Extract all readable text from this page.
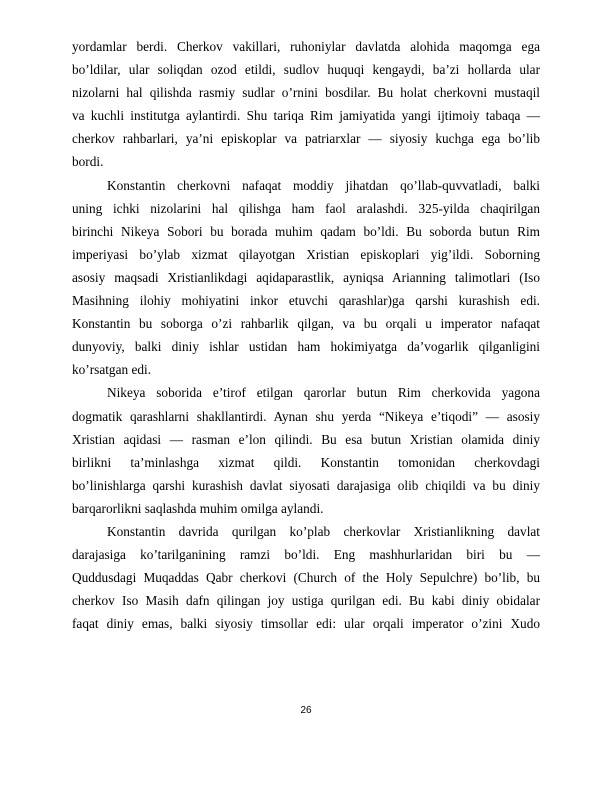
yordamlar berdi. Cherkov vakillari, ruhoniylar davlatda alohida maqomga ega
bo’ldilar, ular soliqdan ozod etildi, sudlov huquqi kengaydi, ba’zi hollarda ular
nizolarni hal qilishda rasmiy sudlar o’rnini bosdilar. Bu holat cherkovni mustaqil
va kuchli institutga aylantirdi. Shu tariqa Rim jamiyatida yangi ijtimoiy tabaqa —
cherkov rahbarlari, ya’ni episkoplar va patriarxlar — siyosiy kuchga ega bo’lib
bordi.
Konstantin cherkovni nafaqat moddiy jihatdan qo’llab-quvvatladi, balki
uning ichki nizolarini hal qilishga ham faol aralashdi. 325-yilda chaqirilgan
birinchi Nikeya Sobori bu borada muhim qadam bo’ldi. Bu soborda butun Rim
imperiyasi bo’ylab xizmat qilayotgan Xristian episkoplari yig’ildi. Soborning
asosiy maqsadi Xristianlikdagi aqidaparastlik, ayniqsa Arianning talimotlari (Iso
Masihning ilohiy mohiyatini inkor etuvchi qarashlar)ga qarshi kurashish edi.
Konstantin bu soborga o’zi rahbarlik qilgan, va bu orqali u imperator nafaqat
dunyoviy, balki diniy ishlar ustidan ham hokimiyatga da’vogarlik qilganligini
ko’rsatgan edi.
Nikeya soborida e’tirof etilgan qarorlar butun Rim cherkovida yagona
dogmatik qarashlarni shakllantirdi. Aynan shu yerda “Nikeya e’tiqodi” — asosiy
Xristian aqidasi — rasman e’lon qilindi. Bu esa butun Xristian olamida diniy
birlikni ta’minlashga xizmat qildi. Konstantin tomonidan cherkovdagi
bo’linishlarga qarshi kurashish davlat siyosati darajasiga olib chiqildi va bu diniy
barqarorlikni saqlashda muhim omilga aylandi.
Konstantin davrida qurilgan ko’plab cherkovlar Xristianlikning davlat
darajasiga ko’tarilganining ramzi bo’ldi. Eng mashhurlaridan biri bu —
Quddusdagi Muqaddas Qabr cherkovi (Church of the Holy Sepulchre) bo’lib, bu
cherkov Iso Masih dafn qilingan joy ustiga qurilgan edi. Bu kabi diniy obidalar
faqat diniy emas, balki siyosiy timsollar edi: ular orqali imperator o’zini Xudo
26
